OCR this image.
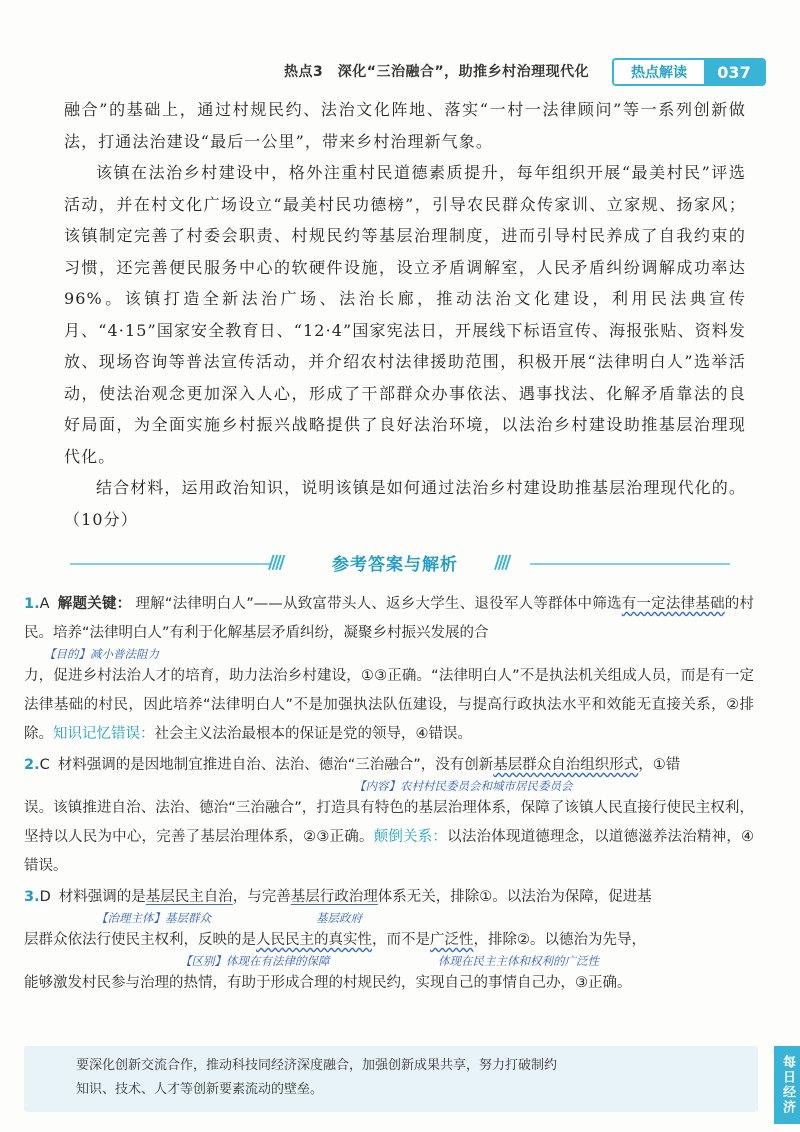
热点3　深化“三治融合”，助推乡村治理现代化	热点解读	037

融合”的基础上，通过村规民约、法治文化阵地、落实“一村一法律顾问”等一系列创新做法，打通法治建设“最后一公里”，带来乡村治理新气象。

该镇在法治乡村建设中，格外注重村民道德素质提升，每年组织开展“最美村民”评选活动，并在村文化广场设立“最美村民功德榜”，引导农民群众传家训、立家规、扬家风；该镇制定完善了村委会职责、村规民约等基层治理制度，进而引导村民养成了自我约束的习惯，还完善便民服务中心的软硬件设施，设立矛盾调解室，人民矛盾纠纷调解成功率达96%。该镇打造全新法治广场、法治长廊，推动法治文化建设，利用民法典宣传月、“4·15”国家安全教育日、“12·4”国家宪法日，开展线下标语宣传、海报张贴、资料发放、现场咨询等普法宣传活动，并介绍农村法律援助范围，积极开展“法律明白人”选举活动，使法治观念更加深入人心，形成了干部群众办事依法、遇事找法、化解矛盾靠法的良好局面，为全面实施乡村振兴战略提供了良好法治环境，以法治乡村建设助推基层治理现代化。

结合材料，运用政治知识，说明该镇是如何通过法治乡村建设助推基层治理现代化的。（10分）

////	参考答案与解析	////
1.A 解题关键： 理解“法律明白人”——从致富带头人、返乡大学生、退役军人等群体中筛选有一定法律基础的村民。培养“法律明白人”有利于化解基层矛盾纠纷，凝聚乡村振兴发展的合
【目的】减小普法阻力
力，促进乡村法治人才的培育，助力法治乡村建设，①③正确。“法律明白人”不是执法机关组成人员，而是有一定法律基础的村民，因此培养“法律明白人”不是加强执法队伍建设，与提高行政执法水平和效能无直接关系，②排除。知识记忆错误：社会主义法治最根本的保证是党的领导，④错误。
2.C 材料强调的是因地制宜推进自治、法治、德治“三治融合”，没有创新基层群众自治组织形式，①错
【内容】农村村民委员会和城市居民委员会
误。该镇推进自治、法治、德治“三治融合”，打造具有特色的基层治理体系，保障了该镇人民直接行使民主权利，坚持以人民为中心，完善了基层治理体系，②③正确。颠倒关系：以法治体现道德理念，以道德滋养法治精神，④错误。
3.D 材料强调的是基层民主自治，与完善基层行政治理体系无关，排除①。以法治为保障，促进基
【治理主体】基层群众	基层政府
层群众依法行使民主权利，反映的是人民民主的真实性，而不是广泛性，排除②。以德治为先导，
【区别】体现在有法律的保障	体现在民主主体和权利的广泛性
能够激发村民参与治理的热情，有助于形成合理的村规民约，实现自己的事情自己办，③正确。
要深化创新交流合作，推动科技同经济深度融合，加强创新成果共享，努力打破制约
知识、技术、人才等创新要素流动的壁垒。	每日经济
